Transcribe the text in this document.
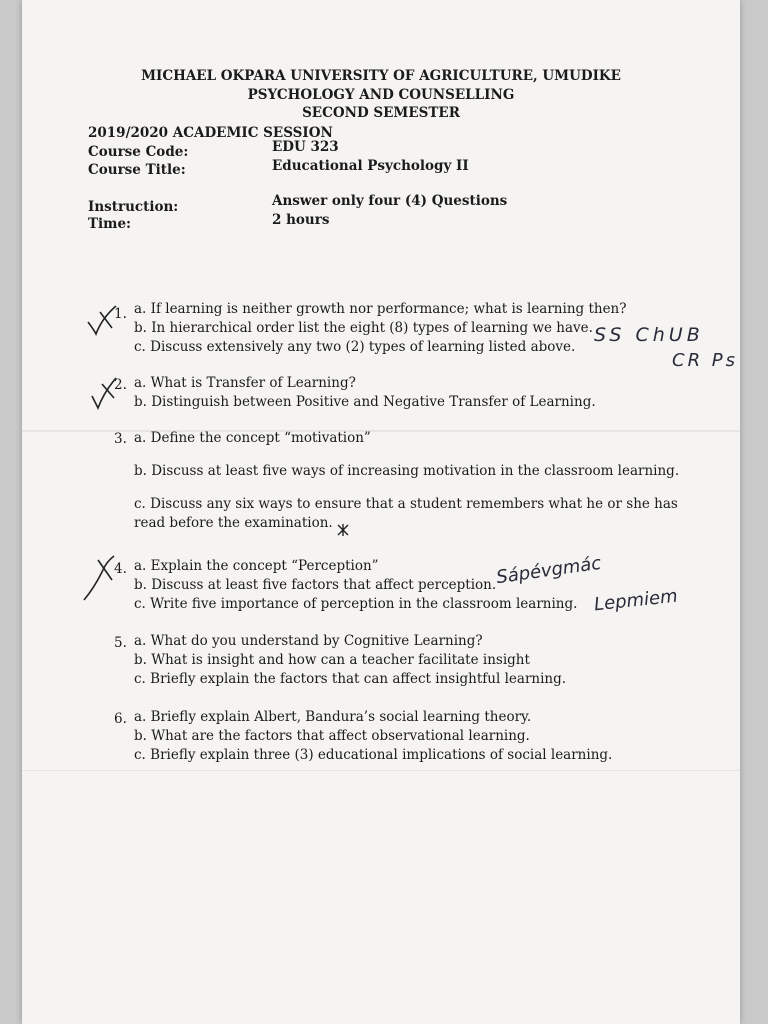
MICHAEL OKPARA UNIVERSITY OF AGRICULTURE, UMUDIKE
PSYCHOLOGY AND COUNSELLING
SECOND SEMESTER
2019/2020 ACADEMIC SESSION
Course Code:	EDU 323
Course Title:	Educational Psychology II
Instruction:	Answer only four (4) Questions
Time:	2 hours
1. a. If learning is neither growth nor performance; what is learning then?
b. In hierarchical order list the eight (8) types of learning we have.
c. Discuss extensively any two (2) types of learning listed above.
2. a. What is Transfer of Learning?
b. Distinguish between Positive and Negative Transfer of Learning.
3. a. Define the concept “motivation”
b. Discuss at least five ways of increasing motivation in the classroom learning.
c. Discuss any six ways to ensure that a student remembers what he or she has
read before the examination.
4. a. Explain the concept “Perception”
b. Discuss at least five factors that affect perception.
c. Write five importance of perception in the classroom learning.
5. a. What do you understand by Cognitive Learning?
b. What is insight and how can a teacher facilitate insight
c. Briefly explain the factors that can affect insightful learning.
6. a. Briefly explain Albert, Bandura’s social learning theory.
b. What are the factors that affect observational learning.
c. Briefly explain three (3) educational implications of social learning.
SS ChUB
CR Ps
Sápévgmác
Lepmiem
